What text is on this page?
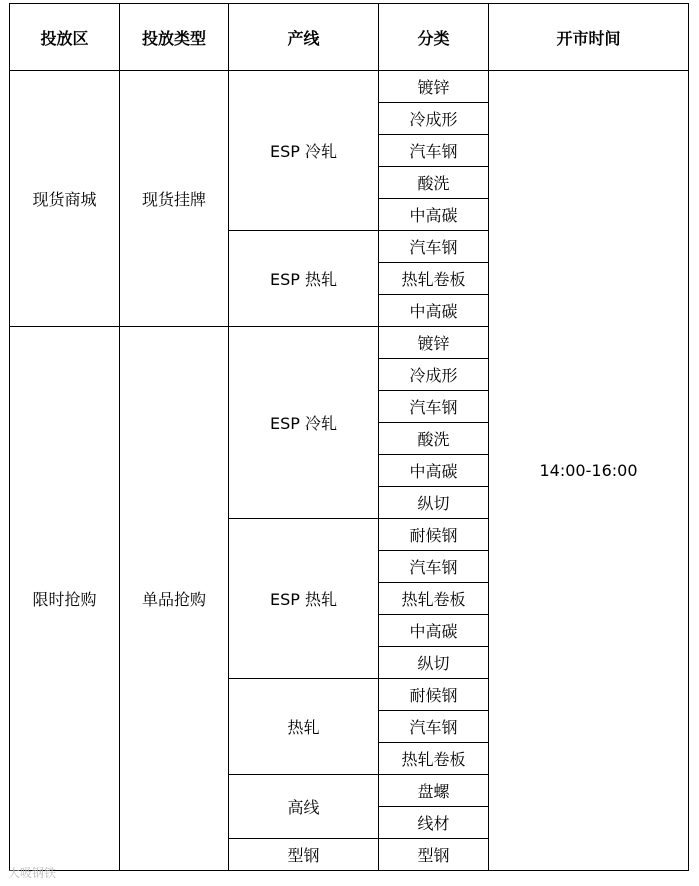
投放区	投放类型	产线	分类	开市时间
现货商城	现货挂牌	ESP 冷轧	镀锌	14:00-16:00
			冷成形	
			汽车钢	
			酸洗	
			中高碳	
		ESP 热轧	汽车钢	
			热轧卷板	
			中高碳	
限时抢购	单品抢购	ESP 冷轧	镀锌	
			冷成形	
			汽车钢	
			酸洗	
			中高碳	
			纵切	
		ESP 热轧	耐候钢	
			汽车钢	
			热轧卷板	
			中高碳	
			纵切	
		热轧	耐候钢	
			汽车钢	
			热轧卷板	
		高线	盘螺	
			线材	
		型钢	型钢	
大吸钢铁
